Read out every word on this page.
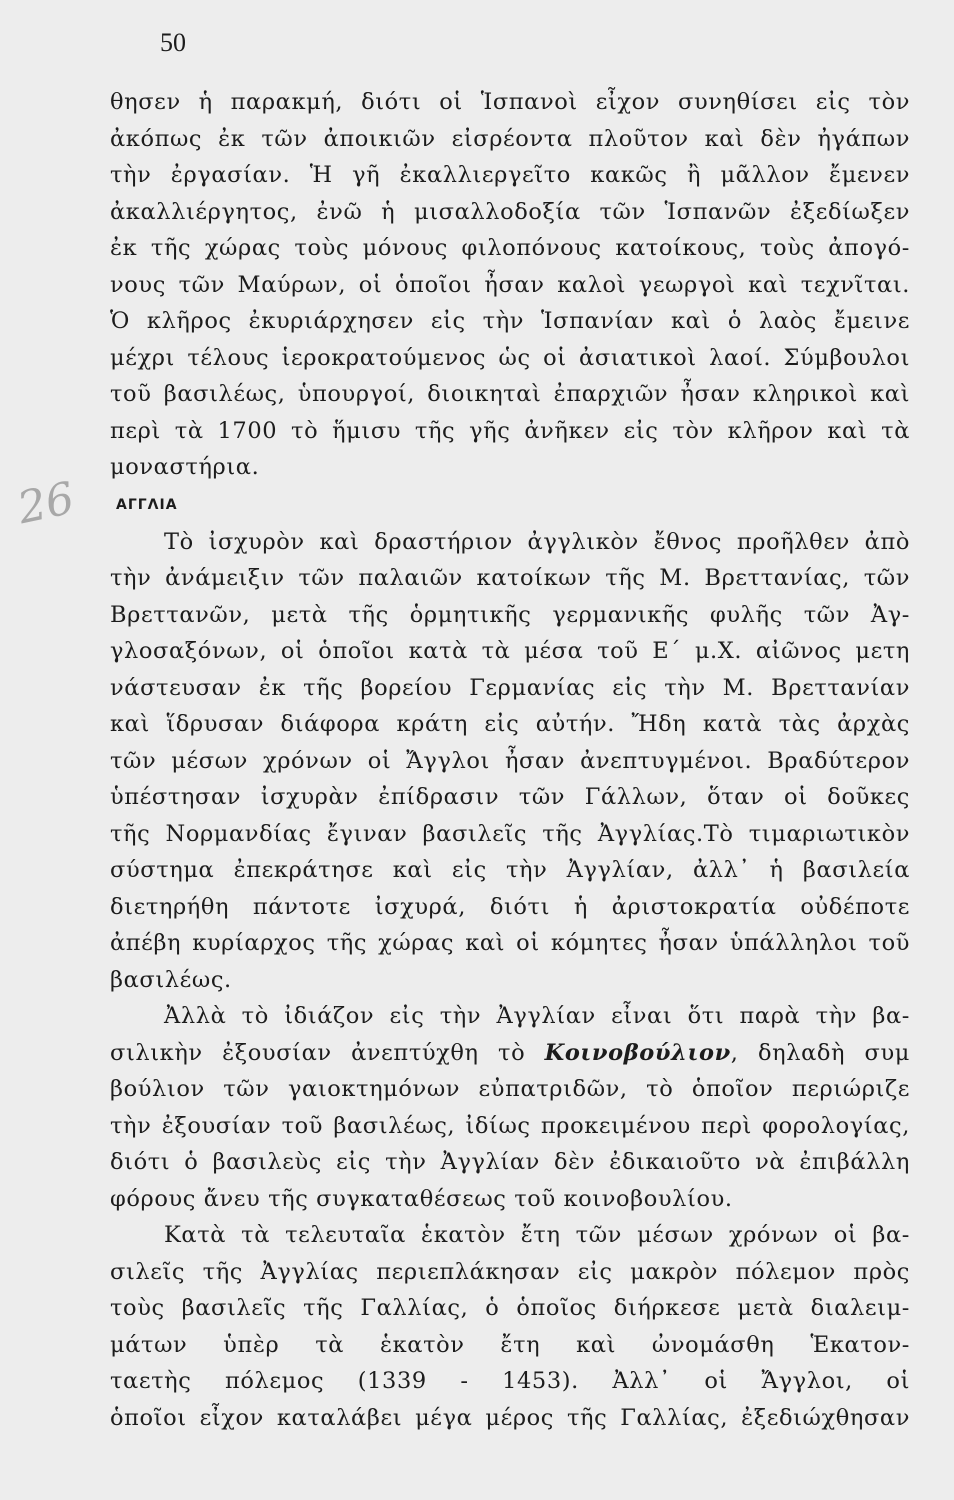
50
26
θησεν ἡ παρακμή, διότι οἱ Ἱσπανοὶ εἶχον συνηθίσει εἰς τὸν
ἀκόπως ἐκ τῶν ἀποικιῶν εἰσρέοντα πλοῦτον καὶ δὲν ἠγάπων
τὴν ἐργασίαν. Ἡ γῆ ἐκαλλιεργεῖτο κακῶς ἢ μᾶλλον ἔμενεν
ἀκαλλιέργητος, ἐνῶ ἡ μισαλλοδοξία τῶν Ἱσπανῶν ἐξεδίωξεν
ἐκ τῆς χώρας τοὺς μόνους φιλοπόνους κατοίκους, τοὺς ἀπογό-
νους τῶν Μαύρων, οἱ ὁποῖοι ἦσαν καλοὶ γεωργοὶ καὶ τεχνῖται.
Ὁ κλῆρος ἐκυριάρχησεν εἰς τὴν Ἱσπανίαν καὶ ὁ λαὸς ἔμεινε
μέχρι τέλους ἱεροκρατούμενος ὡς οἱ ἀσιατικοὶ λαοί. Σύμβουλοι
τοῦ βασιλέως, ὑπουργοί, διοικηταὶ ἐπαρχιῶν ἦσαν κληρικοὶ καὶ
περὶ τὰ 1700 τὸ ἥμισυ τῆς γῆς ἀνῆκεν εἰς τὸν κλῆρον καὶ τὰ
μοναστήρια.
ΑΓΓΛΙΑ
Τὸ ἰσχυρὸν καὶ δραστήριον ἀγγλικὸν ἔθνος προῆλθεν ἀπὸ
τὴν ἀνάμειξιν τῶν παλαιῶν κατοίκων τῆς Μ. Βρεττανίας, τῶν
Βρεττανῶν, μετὰ τῆς ὁρμητικῆς γερμανικῆς φυλῆς τῶν Ἀγ-
γλοσαξόνων, οἱ ὁποῖοι κατὰ τὰ μέσα τοῦ Ε΄ μ.Χ. αἰῶνος μετη
νάστευσαν ἐκ τῆς βορείου Γερμανίας εἰς τὴν Μ. Βρεττανίαν
καὶ ἵδρυσαν διάφορα κράτη εἰς αὐτήν. Ἤδη κατὰ τὰς ἀρχὰς
τῶν μέσων χρόνων οἱ Ἄγγλοι ἦσαν ἀνεπτυγμένοι. Βραδύτερον
ὑπέστησαν ἰσχυρὰν ἐπίδρασιν τῶν Γάλλων, ὅταν οἱ δοῦκες
τῆς Νορμανδίας ἔγιναν βασιλεῖς τῆς Ἀγγλίας.Τὸ τιμαριωτικὸν
σύστημα ἐπεκράτησε καὶ εἰς τὴν Ἀγγλίαν, ἀλλ᾽ ἡ βασιλεία
διετηρήθη πάντοτε ἰσχυρά, διότι ἡ ἀριστοκρατία οὐδέποτε
ἀπέβη κυρίαρχος τῆς χώρας καὶ οἱ κόμητες ἦσαν ὑπάλληλοι τοῦ
βασιλέως.
Ἀλλὰ τὸ ἰδιάζον εἰς τὴν Ἀγγλίαν εἶναι ὅτι παρὰ τὴν βα-
σιλικὴν ἐξουσίαν ἀνεπτύχθη τὸ Κοινοβούλιον, δηλαδὴ συμ
βούλιον τῶν γαιοκτημόνων εὐπατριδῶν, τὸ ὁποῖον περιώριζε
τὴν ἐξουσίαν τοῦ βασιλέως, ἰδίως προκειμένου περὶ φορολογίας,
διότι ὁ βασιλεὺς εἰς τὴν Ἀγγλίαν δὲν ἐδικαιοῦτο νὰ ἐπιβάλλη
φόρους ἄνευ τῆς συγκαταθέσεως τοῦ κοινοβουλίου.
Κατὰ τὰ τελευταῖα ἑκατὸν ἔτη τῶν μέσων χρόνων οἱ βα-
σιλεῖς τῆς Ἀγγλίας περιεπλάκησαν εἰς μακρὸν πόλεμον πρὸς
τοὺς βασιλεῖς τῆς Γαλλίας, ὁ ὁποῖος διήρκεσε μετὰ διαλειμ-
μάτων ὑπὲρ τὰ ἑκατὸν ἔτη καὶ ὠνομάσθη Ἑκατον-
ταετὴς πόλεμος (1339 - 1453). Ἀλλ᾽ οἱ Ἄγγλοι, οἱ
ὁποῖοι εἶχον καταλάβει μέγα μέρος τῆς Γαλλίας, ἐξεδιώχθησαν
